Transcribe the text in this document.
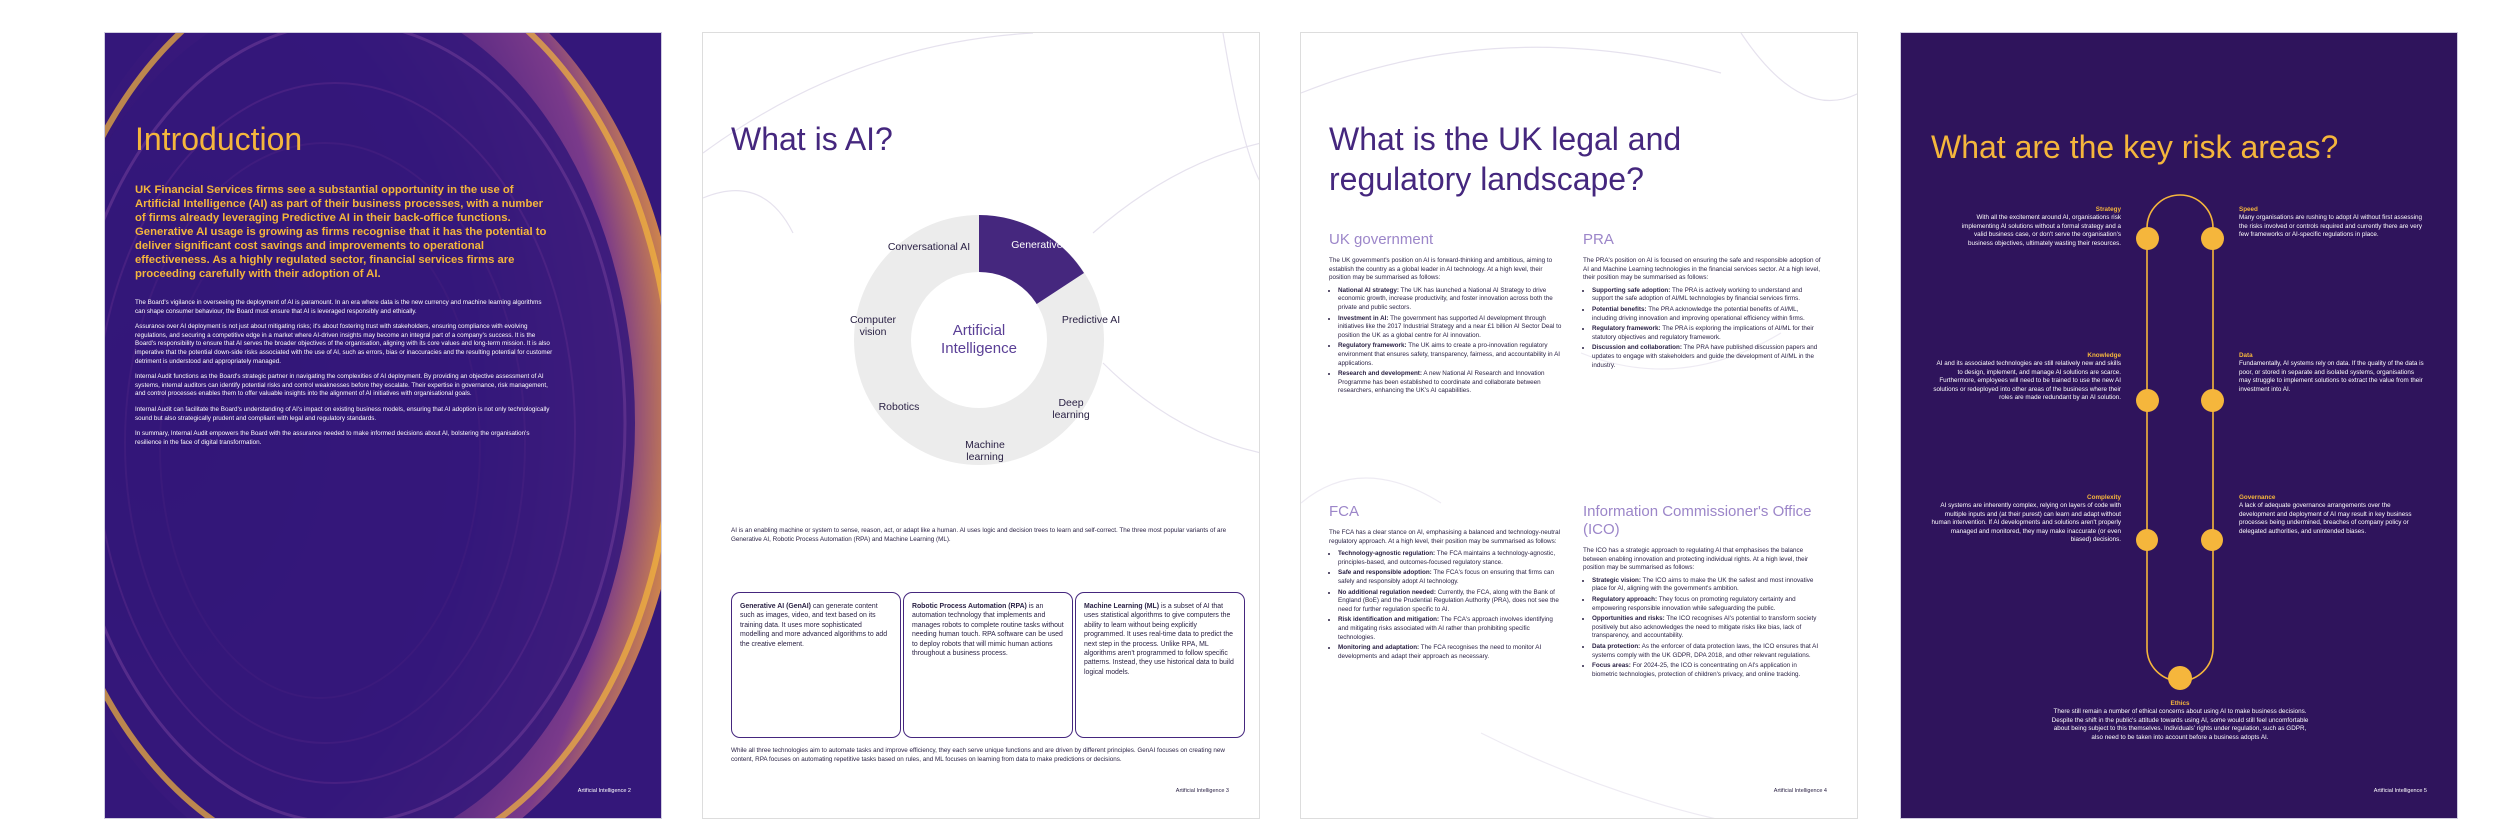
Introduction
UK Financial Services firms see a substantial opportunity in the use of Artificial Intelligence (AI) as part of their business processes, with a number of firms already leveraging Predictive AI in their back-office functions. Generative AI usage is growing as firms recognise that it has the potential to deliver significant cost savings and improvements to operational effectiveness. As a highly regulated sector, financial services firms are proceeding carefully with their adoption of AI.

The Board's vigilance in overseeing the deployment of AI is paramount. In an era where data is the new currency and machine learning algorithms can shape consumer behaviour, the Board must ensure that AI is leveraged responsibly and ethically.

Assurance over AI deployment is not just about mitigating risks; it's about fostering trust with stakeholders, ensuring compliance with evolving regulations, and securing a competitive edge in a market where AI-driven insights may become an integral part of a company's success. It is the Board's responsibility to ensure that AI serves the broader objectives of the organisation, aligning with its core values and long-term mission. It is also imperative that the potential down-side risks associated with the use of AI, such as errors, bias or inaccuracies and the resulting potential for customer detriment is understood and appropriately managed.

Internal Audit functions as the Board's strategic partner in navigating the complexities of AI deployment. By providing an objective assessment of AI systems, internal auditors can identify potential risks and control weaknesses before they escalate. Their expertise in governance, risk management, and control processes enables them to offer valuable insights into the alignment of AI initiatives with organisational goals.

Internal Audit can facilitate the Board's understanding of AI's impact on existing business models, ensuring that AI adoption is not only technologically sound but also strategically prudent and compliant with legal and regulatory standards.

In summary, Internal Audit empowers the Board with the assurance needed to make informed decisions about AI, bolstering the organisation's resilience in the face of digital transformation.

Artificial Intelligence 2
What is AI?
Artificial
Intelligence
Generative AI
Predictive AI
Deep
learning
Machine
learning
Robotics
Computer
vision
Conversational AI
AI is an enabling machine or system to sense, reason, act, or adapt like a human. AI uses logic and decision trees to learn and self-correct. The three most popular variants of are Generative AI, Robotic Process Automation (RPA) and Machine Learning (ML).
Generative AI (GenAI) can generate content such as images, video, and text based on its training data. It uses more sophisticated modelling and more advanced algorithms to add the creative element.
Robotic Process Automation (RPA) is an automation technology that implements and manages robots to complete routine tasks without needing human touch. RPA software can be used to deploy robots that will mimic human actions throughout a business process.
Machine Learning (ML) is a subset of AI that uses statistical algorithms to give computers the ability to learn without being explicitly programmed. It uses real-time data to predict the next step in the process. Unlike RPA, ML algorithms aren't programmed to follow specific patterns. Instead, they use historical data to build logical models.
While all three technologies aim to automate tasks and improve efficiency, they each serve unique functions and are driven by different principles. GenAI focuses on creating new content, RPA focuses on automating repetitive tasks based on rules, and ML focuses on learning from data to make predictions or decisions.
Artificial Intelligence 3
What is the UK legal and regulatory landscape?
UK government
The UK government's position on AI is forward-thinking and ambitious, aiming to establish the country as a global leader in AI technology. At a high level, their position may be summarised as follows:
• National AI strategy: The UK has launched a National AI Strategy to drive economic growth, increase productivity, and foster innovation across both the private and public sectors.
• Investment in AI: The government has supported AI development through initiatives like the 2017 Industrial Strategy and a near £1 billion AI Sector Deal to position the UK as a global centre for AI innovation.
• Regulatory framework: The UK aims to create a pro-innovation regulatory environment that ensures safety, transparency, fairness, and accountability in AI applications.
• Research and development: A new National AI Research and Innovation Programme has been established to coordinate and collaborate between researchers, enhancing the UK's AI capabilities.
PRA
The PRA's position on AI is focused on ensuring the safe and responsible adoption of AI and Machine Learning technologies in the financial services sector. At a high level, their position may be summarised as follows:
• Supporting safe adoption: The PRA is actively working to understand and support the safe adoption of AI/ML technologies by financial services firms.
• Potential benefits: The PRA acknowledge the potential benefits of AI/ML, including driving innovation and improving operational efficiency within firms.
• Regulatory framework: The PRA is exploring the implications of AI/ML for their statutory objectives and regulatory framework.
• Discussion and collaboration: The PRA have published discussion papers and updates to engage with stakeholders and guide the development of AI/ML in the industry.
FCA
The FCA has a clear stance on AI, emphasising a balanced and technology-neutral regulatory approach. At a high level, their position may be summarised as follows:
• Technology-agnostic regulation: The FCA maintains a technology-agnostic, principles-based, and outcomes-focused regulatory stance.
• Safe and responsible adoption: The FCA's focus on ensuring that firms can safely and responsibly adopt AI technology.
• No additional regulation needed: Currently, the FCA, along with the Bank of England (BoE) and the Prudential Regulation Authority (PRA), does not see the need for further regulation specific to AI.
• Risk identification and mitigation: The FCA's approach involves identifying and mitigating risks associated with AI rather than prohibiting specific technologies.
• Monitoring and adaptation: The FCA recognises the need to monitor AI developments and adapt their approach as necessary.
Information Commissioner's Office (ICO)
The ICO has a strategic approach to regulating AI that emphasises the balance between enabling innovation and protecting individual rights. At a high level, their position may be summarised as follows:
• Strategic vision: The ICO aims to make the UK the safest and most innovative place for AI, aligning with the government's ambition.
• Regulatory approach: They focus on promoting regulatory certainty and empowering responsible innovation while safeguarding the public.
• Opportunities and risks: The ICO recognises AI's potential to transform society positively but also acknowledges the need to mitigate risks like bias, lack of transparency, and accountability.
• Data protection: As the enforcer of data protection laws, the ICO ensures that AI systems comply with the UK GDPR, DPA 2018, and other relevant regulations.
• Focus areas: For 2024-25, the ICO is concentrating on AI's application in biometric technologies, protection of children's privacy, and online tracking.
Artificial Intelligence 4
What are the key risk areas?
Strategy
With all the excitement around AI, organisations risk implementing AI solutions without a formal strategy and a valid business case, or don't serve the organisation's business objectives, ultimately wasting their resources.
Speed
Many organisations are rushing to adopt AI without first assessing the risks involved or controls required and currently there are very few frameworks or AI-specific regulations in place.
Knowledge
AI and its associated technologies are still relatively new and skills to design, implement, and manage AI solutions are scarce. Furthermore, employees will need to be trained to use the new AI solutions or redeployed into other areas of the business where their roles are made redundant by an AI solution.
Data
Fundamentally, AI systems rely on data. If the quality of the data is poor, or stored in separate and isolated systems, organisations may struggle to implement solutions to extract the value from their investment into AI.
Complexity
AI systems are inherently complex, relying on layers of code with multiple inputs and (at their purest) can learn and adapt without human intervention. If AI developments and solutions aren't properly managed and monitored, they may make inaccurate (or even biased) decisions.
Governance
A lack of adequate governance arrangements over the development and deployment of AI may result in key business processes being undermined, breaches of company policy or delegated authorities, and unintended biases.
Ethics
There still remain a number of ethical concerns about using AI to make business decisions. Despite the shift in the public's attitude towards using AI, some would still feel uncomfortable about being subject to this themselves. Individuals' rights under regulation, such as GDPR, also need to be taken into account before a business adopts AI.
Artificial Intelligence 5
